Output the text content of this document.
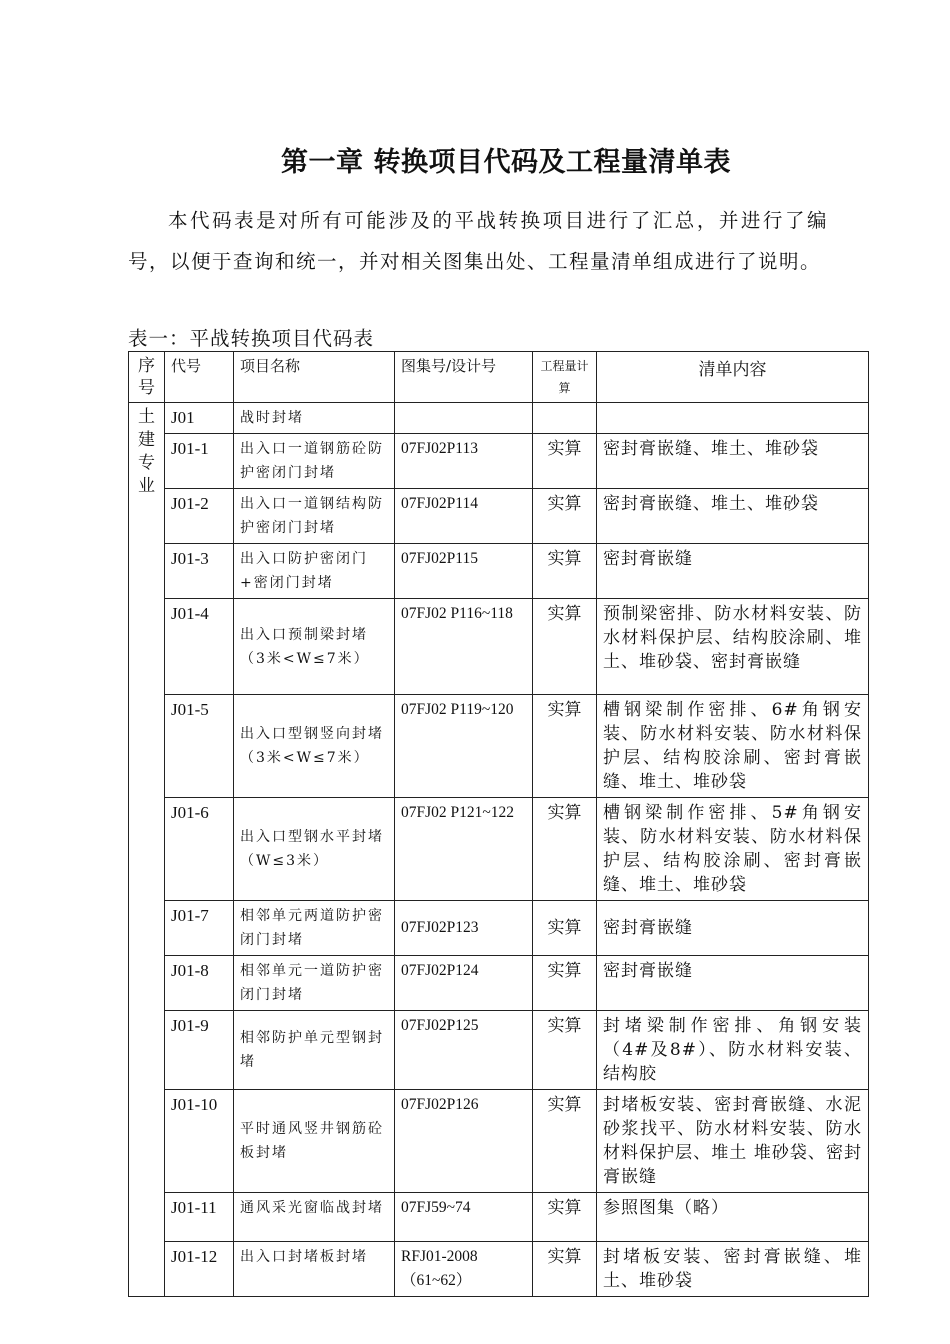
第一章 转换项目代码及工程量清单表

本代码表是对所有可能涉及的平战转换项目进行了汇总，并进行了编号，以便于查询和统一，并对相关图集出处、工程量清单组成进行了说明。

表一：平战转换项目代码表

序号	代号	项目名称	图集号/设计号	工程量计算	清单内容
土建专业	J01	战时封堵			
	J01-1	出入口一道钢筋砼防护密闭门封堵	07FJ02P113	实算	密封膏嵌缝、堆土、堆砂袋
	J01-2	出入口一道钢结构防护密闭门封堵	07FJ02P114	实算	密封膏嵌缝、堆土、堆砂袋
	J01-3	出入口防护密闭门+密闭门封堵	07FJ02P115	实算	密封膏嵌缝
	J01-4	出入口预制梁封堵（3米<W≤7米）	07FJ02 P116~118	实算	预制梁密排、防水材料安装、防水材料保护层、结构胶涂刷、堆土、堆砂袋、密封膏嵌缝
	J01-5	出入口型钢竖向封堵（3米<W≤7米）	07FJ02 P119~120	实算	槽钢梁制作密排、6#角钢安装、防水材料安装、防水材料保护层、结构胶涂刷、密封膏嵌缝、堆土、堆砂袋
	J01-6	出入口型钢水平封堵（W≤3米）	07FJ02 P121~122	实算	槽钢梁制作密排、5#角钢安装、防水材料安装、防水材料保护层、结构胶涂刷、密封膏嵌缝、堆土、堆砂袋
	J01-7	相邻单元两道防护密闭门封堵	07FJ02P123	实算	密封膏嵌缝
	J01-8	相邻单元一道防护密闭门封堵	07FJ02P124	实算	密封膏嵌缝
	J01-9	相邻防护单元型钢封堵	07FJ02P125	实算	封堵梁制作密排、角钢安装（4#及8#）、防水材料安装、结构胶
	J01-10	平时通风竖井钢筋砼板封堵	07FJ02P126	实算	封堵板安装、密封膏嵌缝、水泥砂浆找平、防水材料安装、防水材料保护层、堆土 堆砂袋、密封膏嵌缝
	J01-11	通风采光窗临战封堵	07FJ59~74	实算	参照图集（略）
	J01-12	出入口封堵板封堵	RFJ01-2008（61~62）	实算	封堵板安装、密封膏嵌缝、堆土、堆砂袋
